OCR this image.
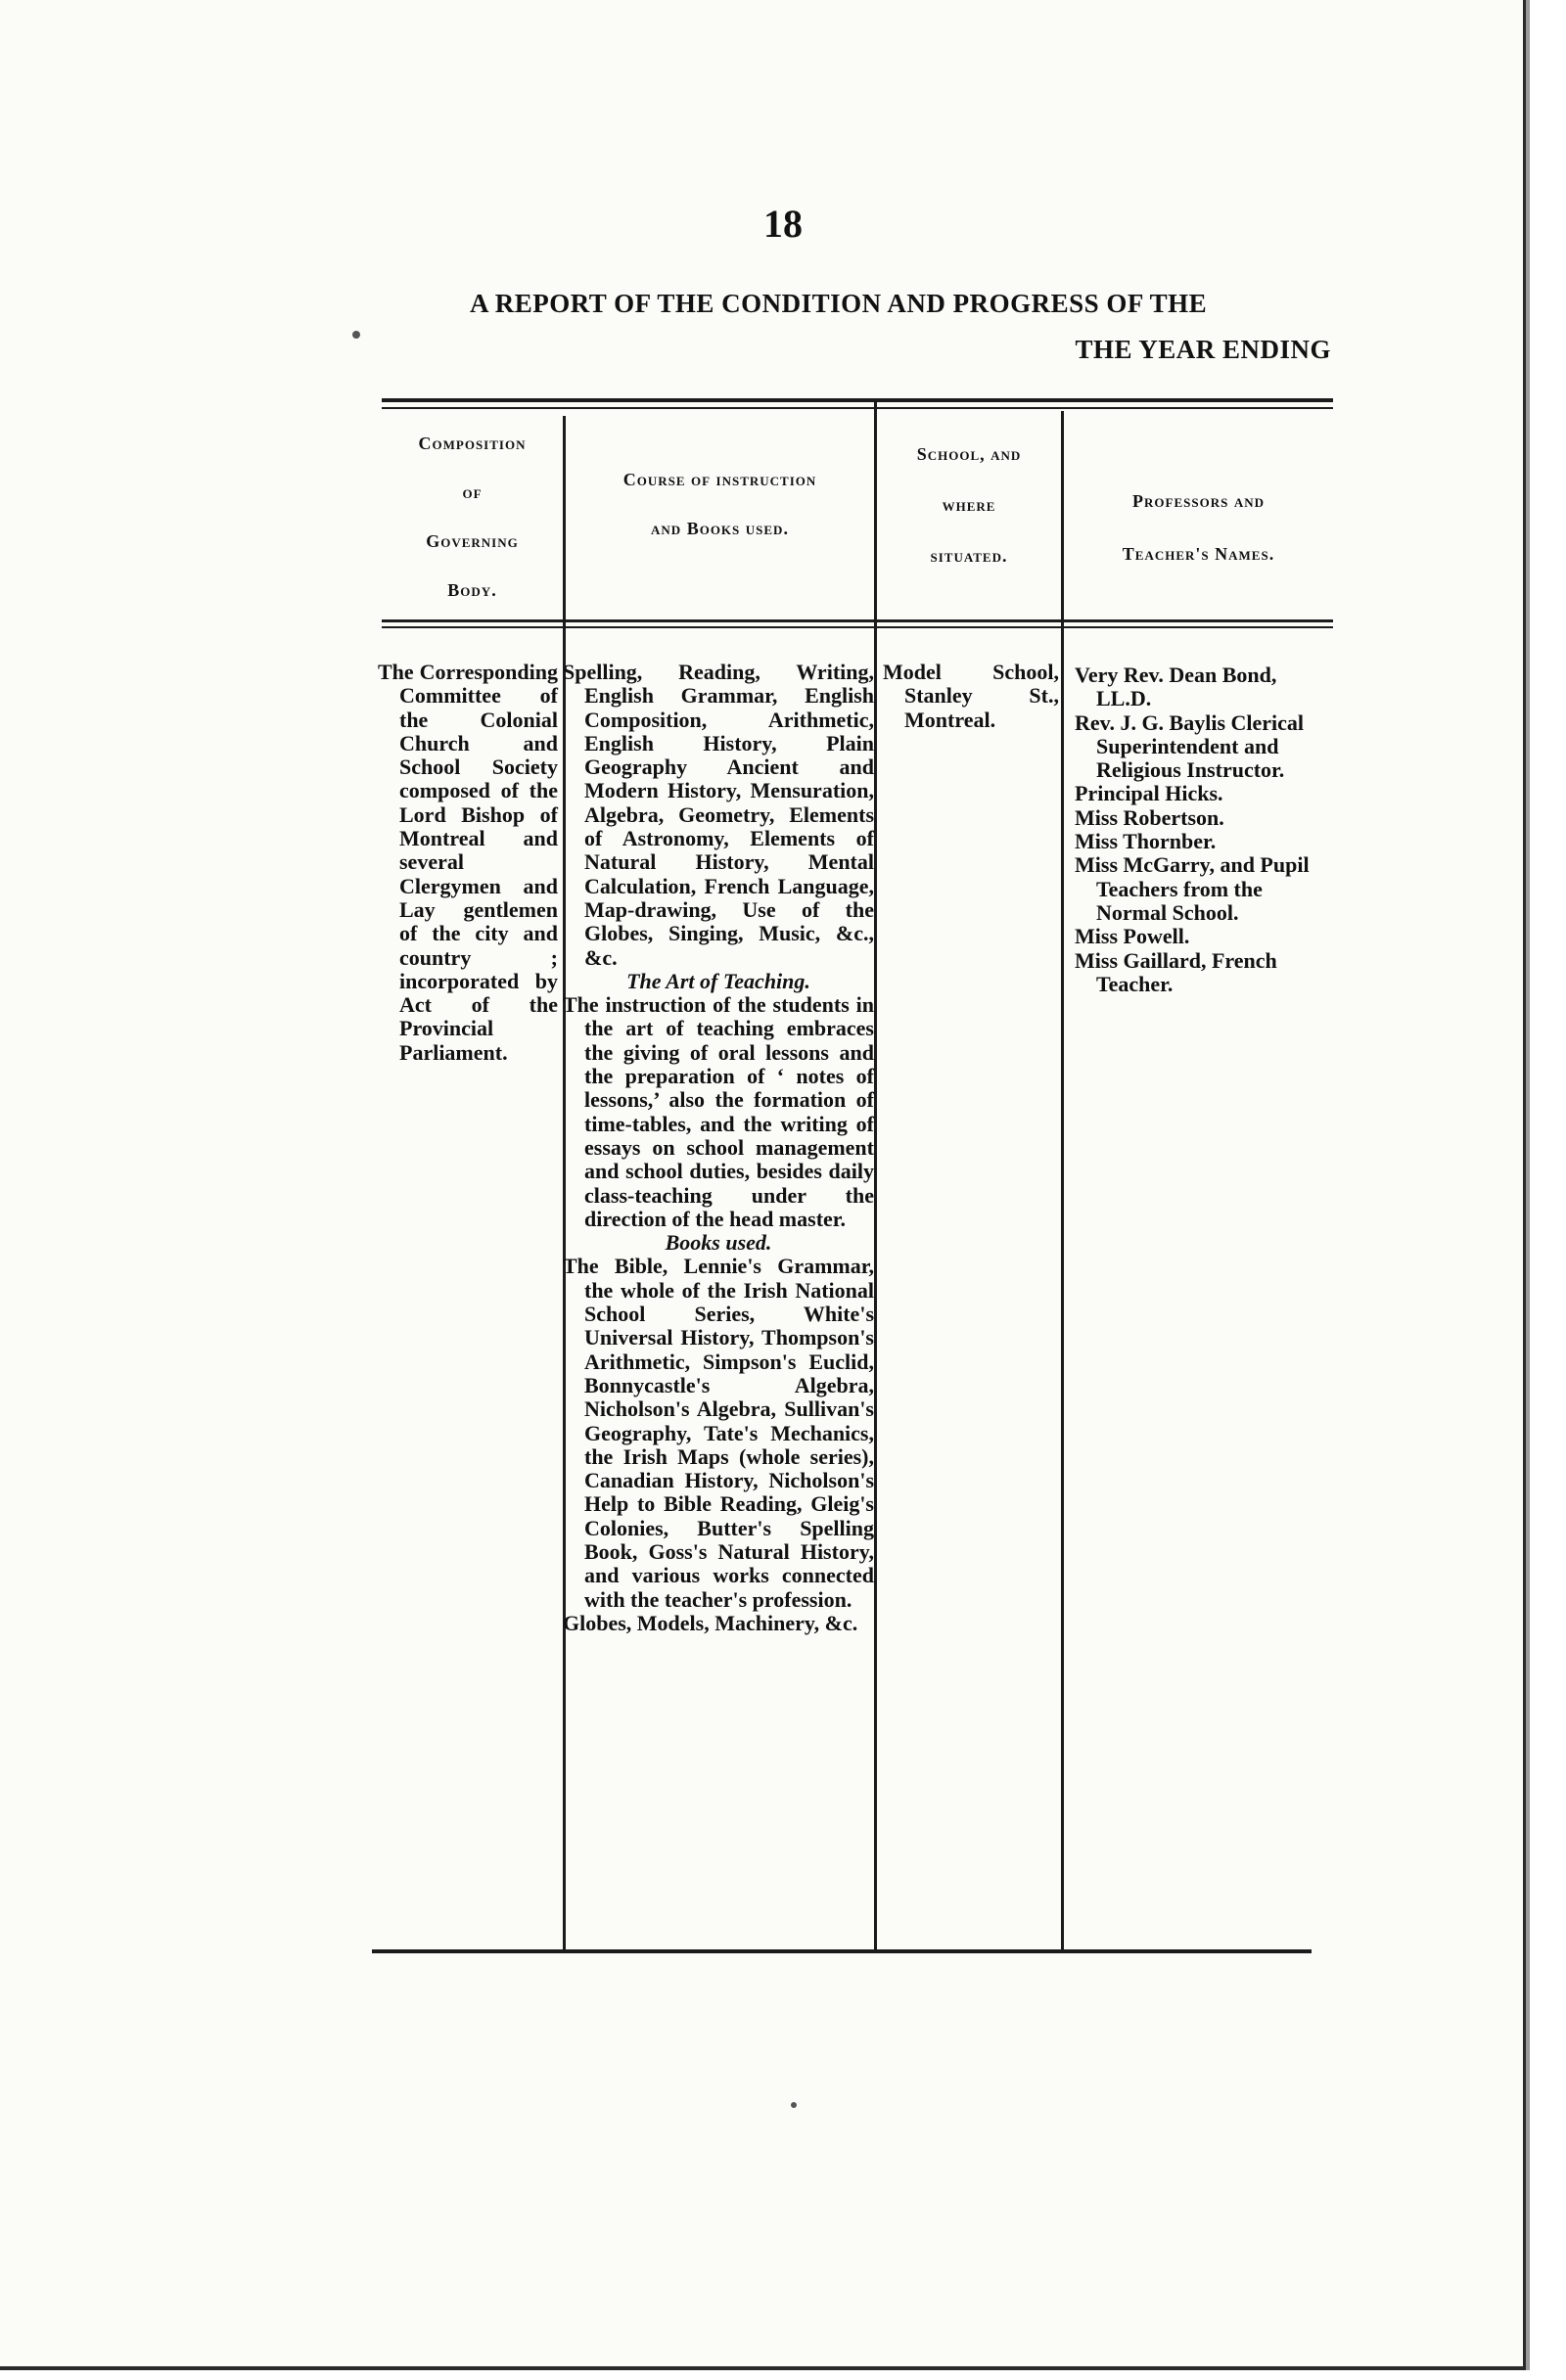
18
A REPORT OF THE CONDITION AND PROGRESS OF THE
THE YEAR ENDING
Composition
of
Governing
Body.
Course of instruction
and Books used.
School, and
where
situated.
Professors and
Teacher's Names.

The Corresponding Committee of the Colonial Church and School Society composed of the Lord Bishop of Montreal and several Clergymen and Lay gentlemen of the city and country ; incorporated by Act of the Provincial Parliament.

Spelling, Reading, Writing, English Grammar, English Composition, Arithmetic, English History, Plain Geography Ancient and Modern History, Mensuration, Algebra, Geometry, Elements of Astronomy, Elements of Natural History, Mental Calculation, French Language, Map-drawing, Use of the Globes, Singing, Music, &c., &c.

The Art of Teaching.

The instruction of the students in the art of teaching embraces the giving of oral lessons and the preparation of ‘ notes of lessons,’ also the formation of time-tables, and the writing of essays on school management and school duties, besides daily class-teaching under the direction of the head master.

Books used.

The Bible, Lennie's Grammar, the whole of the Irish National School Series, White's Universal History, Thompson's Arithmetic, Simpson's Euclid, Bonnycastle's Algebra, Nicholson's Algebra, Sullivan's Geography, Tate's Mechanics, the Irish Maps (whole series), Canadian History, Nicholson's Help to Bible Reading, Gleig's Colonies, Butter's Spelling Book, Goss's Natural History, and various works connected with the teacher's profession.

Globes, Models, Machinery, &c.

Model School, Stanley St., Montreal.

Very Rev. Dean Bond, LL.D.

Rev. J. G. Baylis Clerical Superintendent and Religious Instructor.

Principal Hicks.

Miss Robertson.

Miss Thornber.

Miss McGarry, and Pupil Teachers from the Normal School.

Miss Powell.

Miss Gaillard, French Teacher.
